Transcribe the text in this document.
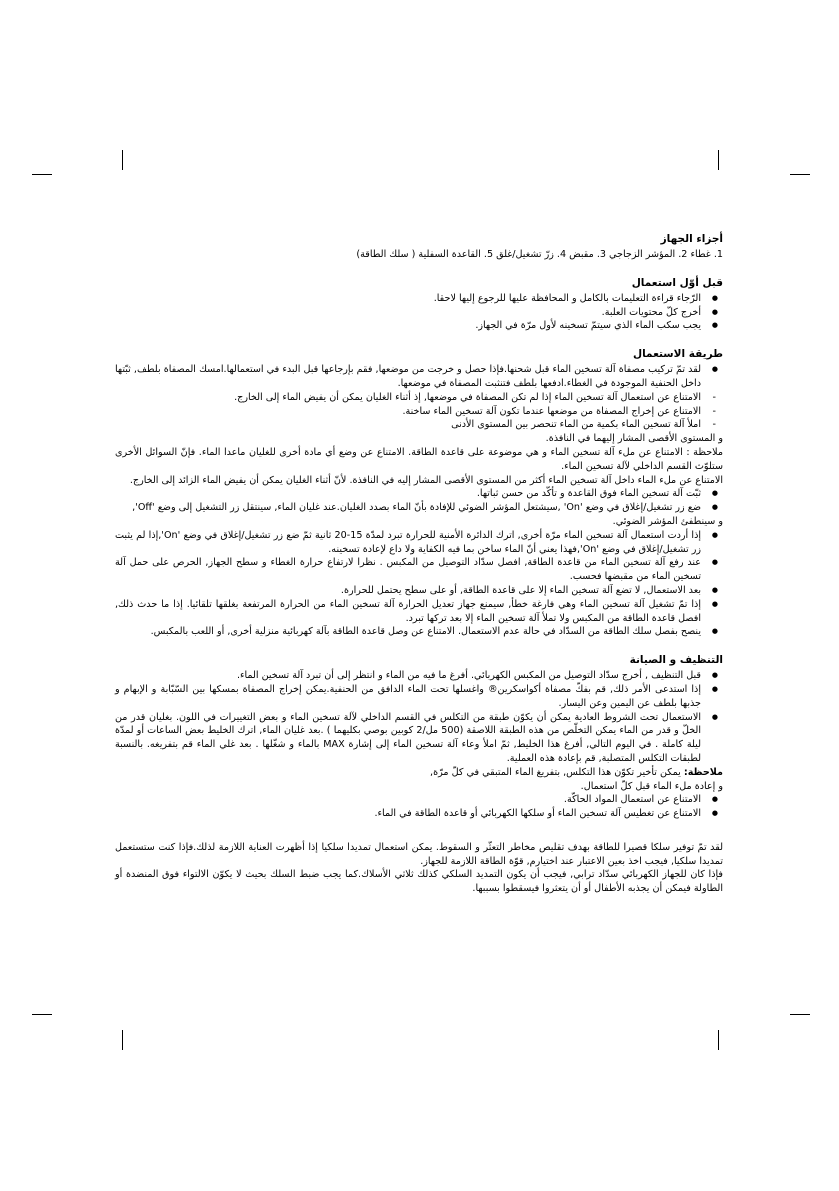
أجزاء الجهاز

1. غطاء 2. المؤشر الزجاجي 3. مقبض 4. زرّ تشغيل/غلق 5. القاعدة السفلية ( سلك الطاقة)

قبل أوّل استعمال
● الرّجاء قراءة التعليمات بالكامل و المحافظة عليها للرجوع إليها لاحقا.
● أخرج كلّ محتويات العلبة.
● يجب سكب الماء الذي سيتمّ تسخينه لأول مرّة في الجهاز.
طريقة الاستعمال
● لقد تمّ تركيب مصفاة آلة تسخين الماء قبل شحنها.فإذا حصل و خرجت من موضعها, فقم بإرجاعها قبل البدء في استعمالها.امسك المصفاة بلطف, ثبّتها داخل الحنفية الموجودة في الغطاء.ادفعها بلطف فتنثبت المصفاة في موضعها.
- الامتناع عن استعمال آلة تسخين الماء إذا لم تكن المصفاة في موضعها, إذ أثناء الغليان يمكن أن يفيض الماء إلى الخارج.
- الامتناع عن إخراج المصفاة من موضعها عندما تكون آلة تسخين الماء ساخنة.
- املأ آلة تسخين الماء بكمية من الماء تنحصر بين المستوى الأدنى

و المستوى الأقصى المشار إليهما في النافذة.

ملاحظة : الامتناع عن ملء آلة تسخين الماء و هي موضوعة على قاعدة الطاقة. الامتناع عن وضع أي مادة أخرى للغليان ماعدا الماء. فإنّ السوائل الأخرى ستلوّث القسم الداخلي لآلة تسخين الماء.

الامتناع عن ملء الماء داخل آلة تسخين الماء أكثر من المستوى الأقصى المشار إليه في النافذة. لأنّ أثناء الغليان يمكن أن يفيض الماء الزائد إلى الخارج.

● ثبّت آلة تسخين الماء فوق القاعدة و تأكّد من حسن ثباتها.
● ضع زر تشغيل/إغلاق في وضع 'On' ,سيشتعل المؤشر الضوئي للإفادة بأنّ الماء بصدد الغليان.عند غليان الماء, سينتقل زر التشغيل إلى وضع 'Off',

و سينطفئ المؤشر الضوئي.

● إذا أردت استعمال آلة تسخين الماء مرّة أخرى, اترك الدائرة الأمنية للحرارة تبرد لمدّة 15-20 ثانية ثمّ ضع زر تشغيل/إغلاق في وضع 'On',إذا لم يثبت زر تشغيل/إغلاق في وضع 'On',فهذا يعني أنّ الماء ساخن بما فيه الكفاية ولا داع لإعادة تسخينه.
● عند رفع آلة تسخين الماء من قاعدة الطاقة, افصل سدّاد التوصيل من المكبس . نظرا لارتفاع حرارة الغطاء و سطح الجهاز, الحرص على حمل آلة تسخين الماء من مقبضها فحسب.
● بعد الاستعمال, لا تضع آلة تسخين الماء إلا على قاعدة الطاقة, أو على سطح يحتمل للحرارة.
● إذا تمّ تشغيل آلة تسخين الماء وهي فارغة خطأ, سيمنع جهاز تعديل الحرارة آلة تسخين الماء من الحرارة المرتفعة بغلقها تلقائيا. إذا ما حدث ذلك, افصل قاعدة الطاقة من المكبس ولا تملأ آلة تسخين الماء إلا بعد تركها تبرد.
● ينصح بفصل سلك الطاقة من السدّاد في حالة عدم الاستعمال. الامتناع عن وصل قاعدة الطاقة بآلة كهربائية منزلية أخرى, أو اللعب بالمكبس.
التنظيف و الصيانة
● قبل التنظيف , أخرج سدّاد التوصيل من المكبس الكهربائي. أفرغ ما فيه من الماء و انتظر إلى أن تبرد آلة تسخين الماء.
● إذا استدعى الأمر ذلك, قم بفكّ مصفاة أكواسكرين® واغسلها تحت الماء الدافق من الحنفية.يمكن إخراج المصفاة بمسكها بين السّبّابة و الإبهام و جذبها بلطف عن اليمين وعن اليسار.
● الاستعمال تحت الشروط العادية يمكن أن يكوّن طبقة من التكلس في القسم الداخلي لآلة تسخين الماء و بعض التغييرات في اللون. بغليان قدر من الخلّ و قدر من الماء يمكن التخلّص من هذه الطبقة اللاصقة (500 مل/2 كوبين بوصي بكليهما ) .بعد غليان الماء, اترك الخليط بعض الساعات أو لمدّة ليلة كاملة . في اليوم التالي, أفرغ هذا الخليط, ثمّ املأ وعاء آلة تسخين الماء إلى إشارة MAX بالماء و شغّلها . بعد غلي الماء قم بتفريغه. بالنسبة لطبقات التكلس المتصلبة, قم بإعادة هذه العملية.

ملاحظة: يمكن تأخير تكوّن هذا التكلس, بتفريغ الماء المتبقي في كلّ مرّة,

و إعادة ملء الماء قبل كلّ استعمال.

● الامتناع عن استعمال المواد الحاكّة.
● الامتناع عن تغطيس آلة تسخين الماء أو سلكها الكهربائي أو قاعدة الطاقة في الماء.

لقد تمّ توفير سلكا قصيرا للطاقة بهدف تقليص مخاطر التعثّر و السقوط. يمكن استعمال تمديدا سلكيا إذا أظهرت العناية اللازمة لذلك.فإذا كنت ستستعمل تمديدا سلكيا, فيجب اخذ بعين الاعتبار عند اختيارم, قوّة الطاقة اللازمة للجهاز.

فإذا كان للجهاز الكهربائي سدّاد ترابي, فيجب أن يكون التمديد السلكي كذلك ثلاثي الأسلاك.كما يجب ضبط السلك بحيث لا يكوّن الالتواء فوق المنضدة أو الطاولة فيمكن أن يجذبه الأطفال أو أن يتعثروا فيسقطوا بسببها.
